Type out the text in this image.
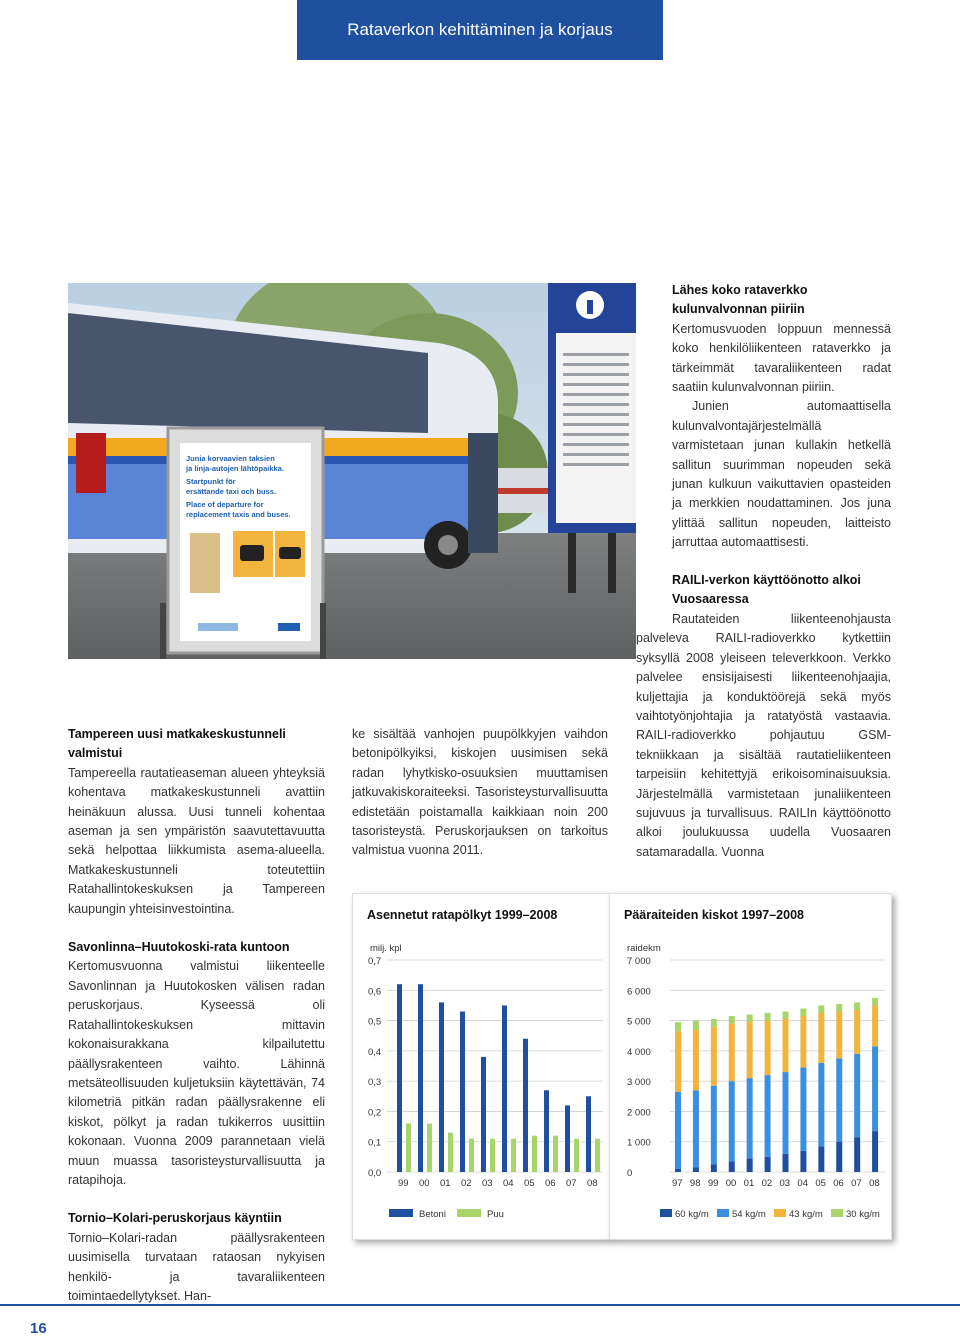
Rataverkon kehittäminen ja korjaus
Junia korvaavien taksien
ja linja-autojen lähtöpaikka.
Startpunkt för
ersättande taxi och buss.
Place of departure for
replacement taxis and buses.

Lähes koko rataverkko kulunvalvonnan piiriin

Kertomusvuoden loppuun mennessä koko henkilöliikenteen rataverkko ja tärkeimmät tavaraliikenteen radat saatiin kulunvalvonnan piiriin.

Junien automaattisella kulunvalvontajärjestelmällä varmistetaan junan kullakin hetkellä sallitun suurimman nopeuden sekä junan kulkuun vaikuttavien opasteiden ja merkkien noudattaminen. Jos juna ylittää sallitun nopeuden, laitteisto jarruttaa automaattisesti.

RAILI-verkon käyttöönotto alkoi Vuosaaressa

Rautateiden liikenteenohjausta palveleva RAILI-radioverkko kytkettiin syksyllä 2008 yleiseen televerkkoon. Verkko palvelee ensisijaisesti liikenteenohjaajia, kuljettajia ja konduktöörejä sekä myös vaihtotyönjohtajia ja ratatyöstä vastaavia. RAILI-radioverkko pohjautuu GSM-tekniikkaan ja sisältää rautatieliikenteen tarpeisiin kehitettyjä erikoisominaisuuksia. Järjestelmällä varmistetaan junaliikenteen sujuvuus ja turvallisuus. RAILIn käyttöönotto alkoi joulukuussa uudella Vuosaaren satamaradalla. Vuonna

Tampereen uusi matkakeskustunneli valmistui

Tampereella rautatieaseman alueen yhteyksiä kohentava matkakeskustunneli avattiin heinäkuun alussa. Uusi tunneli kohentaa aseman ja sen ympäristön saavutettavuutta sekä helpottaa liikkumista asema-alueella. Matkakeskustunneli toteutettiin Ratahallintokeskuksen ja Tampereen kaupungin yhteisinvestointina.

Savonlinna–Huutokoski-rata kuntoon

Kertomusvuonna valmistui liikenteelle Savonlinnan ja Huutokosken välisen radan peruskorjaus. Kyseessä oli Ratahallintokeskuksen mittavin kokonaisurakkana kilpailutettu päällysrakenteen vaihto. Lähinnä metsäteollisuuden kuljetuksiin käytettävän, 74 kilometriä pitkän radan päällysrakenne eli kiskot, pölkyt ja radan tukikerros uusittiin kokonaan. Vuonna 2009 parannetaan vielä muun muassa tasoristeysturvallisuutta ja ratapihoja.

Tornio–Kolari-peruskorjaus käyntiin

Tornio–Kolari-radan päällysrakenteen uusimisella turvataan rataosan nykyisen henkilö- ja tavaraliikenteen toimintaedellytykset. Han-

ke sisältää vanhojen puupölkkyjen vaihdon betonipölkyiksi, kiskojen uusimisen sekä radan lyhytkisko-osuuksien muuttamisen jatkuvakiskoraiteeksi. Tasoristeysturvallisuutta edistetään poistamalla kaikkiaan noin 200 tasoristeystä. Peruskorjauksen on tarkoitus valmistua vuonna 2011.

Asennetut ratapölkyt 1999–2008
milj. kpl
0,0
0,1
0,2
0,3
0,4
0,5
0,6
0,7
99 00 01 02 03 04 05 06 07 08
Betoni	Puu
Pääraiteiden kiskot 1997–2008
raidekm
0
1 000
2 000
3 000
4 000
5 000
6 000
7 000
97 98 99 00 01 02 03 04 05 06 07 08
60 kg/m 54 kg/m 43 kg/m 30 kg/m
16
